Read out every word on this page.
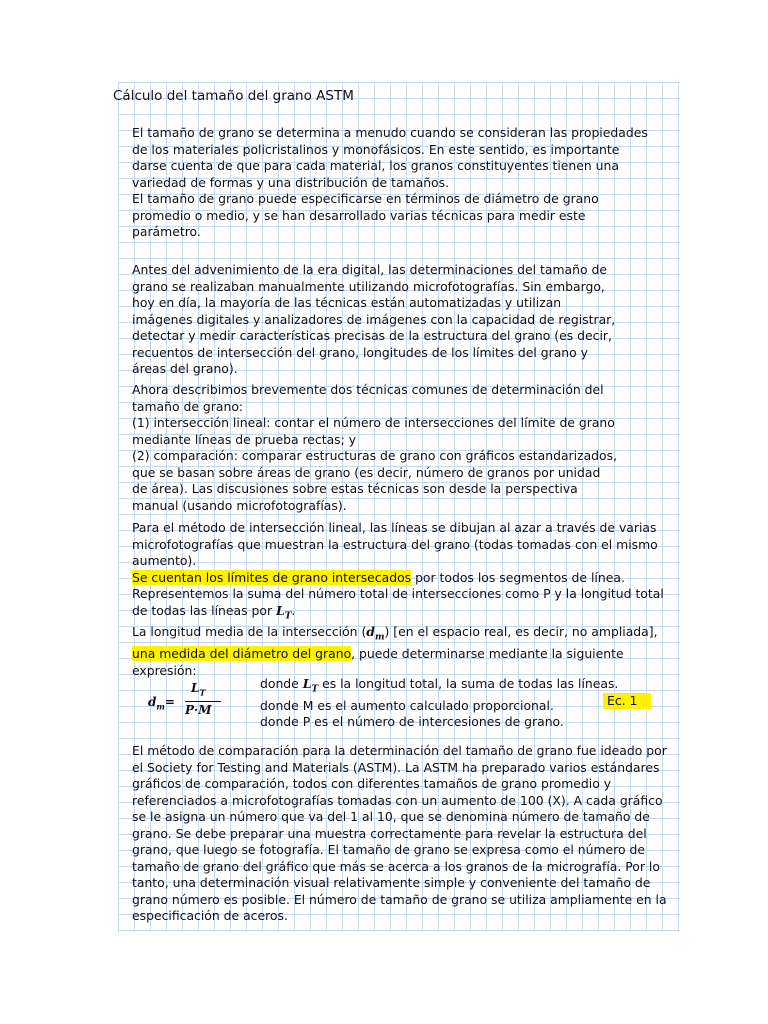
Cálculo del tamaño del grano ASTM
El tamaño de grano se determina a menudo cuando se consideran las propiedades
de los materiales policristalinos y monofásicos. En este sentido, es importante
darse cuenta de que para cada material, los granos constituyentes tienen una
variedad de formas y una distribución de tamaños.
El tamaño de grano puede especificarse en términos de diámetro de grano
promedio o medio, y se han desarrollado varias técnicas para medir este
parámetro.
Antes del advenimiento de la era digital, las determinaciones del tamaño de
grano se realizaban manualmente utilizando microfotografías. Sin embargo,
hoy en día, la mayoría de las técnicas están automatizadas y utilizan
imágenes digitales y analizadores de imágenes con la capacidad de registrar,
detectar y medir características precisas de la estructura del grano (es decir,
recuentos de intersección del grano, longitudes de los límites del grano y
áreas del grano).
Ahora describimos brevemente dos técnicas comunes de determinación del
tamaño de grano:
(1) intersección lineal: contar el número de intersecciones del límite de grano
mediante líneas de prueba rectas; y
(2) comparación: comparar estructuras de grano con gráficos estandarizados,
que se basan sobre áreas de grano (es decir, número de granos por unidad
de área). Las discusiones sobre estas técnicas son desde la perspectiva
manual (usando microfotografías).
Para el método de intersección lineal, las líneas se dibujan al azar a través de varias
microfotografías que muestran la estructura del grano (todas tomadas con el mismo
aumento).
Se cuentan los límites de grano intersecados por todos los segmentos de línea.
Representemos la suma del número total de intersecciones como P y la longitud total
de todas las líneas por $L_T$.
La longitud media de la intersección $(d_m)$ [en el espacio real, es decir, no ampliada],
una medida del diámetro del grano, puede determinarse mediante la siguiente
expresión:
$d_m=$
$L_T$
P·M
donde $L_T$ es la longitud total, la suma de todas las líneas.
donde M es el aumento calculado proporcional.
donde P es el número de intercesiones de grano.
Ec. 1
El método de comparación para la determinación del tamaño de grano fue ideado por
el Society for Testing and Materials (ASTM). La ASTM ha preparado varios estándares
gráficos de comparación, todos con diferentes tamaños de grano promedio y
referenciados a microfotografías tomadas con un aumento de 100 (X). A cada gráfico
se le asigna un número que va del 1 al 10, que se denomina número de tamaño de
grano. Se debe preparar una muestra correctamente para revelar la estructura del
grano, que luego se fotografía. El tamaño de grano se expresa como el número de
tamaño de grano del gráfico que más se acerca a los granos de la micrografía. Por lo
tanto, una determinación visual relativamente simple y conveniente del tamaño de
grano número es posible. El número de tamaño de grano se utiliza ampliamente en la
especificación de aceros.
